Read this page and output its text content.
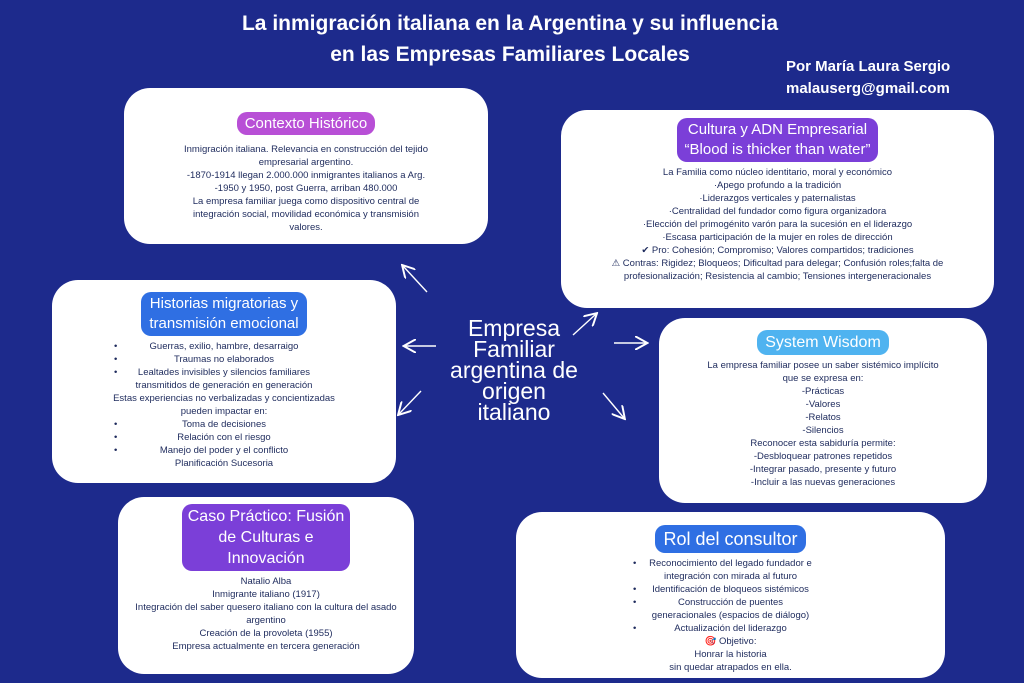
La inmigración italiana en la Argentina y su influencia
en las Empresas Familiares Locales
Por María Laura Sergio
malauserg@gmail.com
Empresa
Familiar
argentina de
origen
italiano
Contexto Histórico
Inmigración italiana. Relevancia en construcción del tejido
empresarial argentino.
-1870-1914 llegan 2.000.000 inmigrantes italianos a Arg.
-1950 y 1950, post Guerra, arriban 480.000
La empresa familiar juega como dispositivo central de
integración social, movilidad económica y transmisión
valores.
Cultura y ADN Empresarial
“Blood is thicker than water”
La Familia como núcleo identitario, moral y económico
·Apego profundo a la tradición
·Liderazgos verticales y paternalistas
·Centralidad del fundador como figura organizadora
·Elección del primogénito varón para la sucesión en el liderazgo
·Escasa participación de la mujer en roles de dirección
✔ Pro: Cohesión; Compromiso; Valores compartidos; tradiciones
⚠ Contras: Rigidez; Bloqueos; Dificultad para delegar; Confusión roles;falta de
profesionalización; Resistencia al cambio; Tensiones intergeneracionales
Historias migratorias y
transmisión emocional
•	Guerras, exilio, hambre, desarraigo
•	Traumas no elaborados
• Lealtades invisibles y silencios familiares
transmitidos de generación en generación
Estas experiencias no verbalizadas y concientizadas
pueden impactar en:
•	Toma de decisiones
•	Relación con el riesgo
•	Manejo del poder y el conflicto
Planificación Sucesoria
System Wisdom
La empresa familiar posee un saber sistémico implícito
que se expresa en:
-Prácticas
-Valores
-Relatos
-Silencios
Reconocer esta sabiduría permite:
-Desbloquear patrones repetidos
-Integrar pasado, presente y futuro
-Incluir a las nuevas generaciones
Caso Práctico: Fusión
de Culturas e
Innovación
Natalio Alba
Inmigrante italiano (1917)
Integración del saber quesero italiano con la cultura del asado
argentino
Creación de la provoleta (1955)
Empresa actualmente en tercera generación
Rol del consultor
• Reconocimiento del legado fundador e
integración con mirada al futuro
• Identificación de bloqueos sistémicos
•	Construcción de puentes
generacionales (espacios de diálogo)
•	Actualización del liderazgo
🎯 Objetivo:
Honrar la historia
sin quedar atrapados en ella.
